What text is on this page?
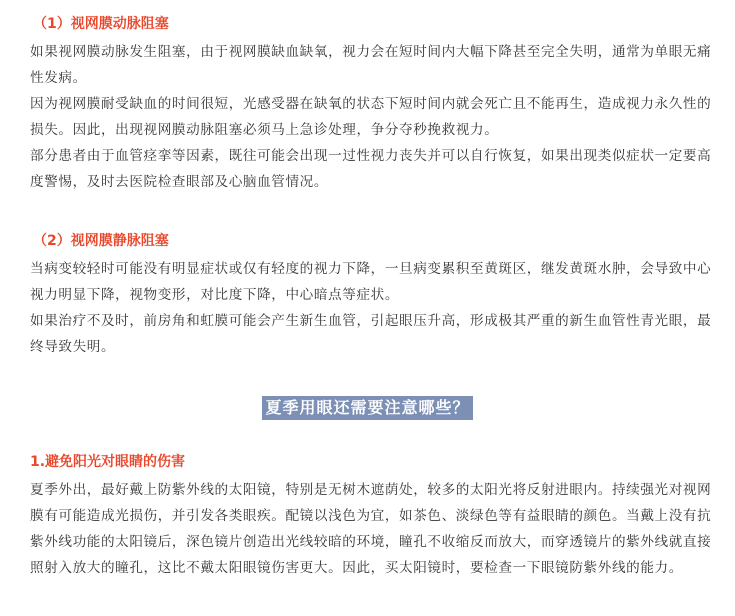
（1）视网膜动脉阻塞
如果视网膜动脉发生阻塞，由于视网膜缺血缺氧，视力会在短时间内大幅下降甚至完全失明，通常为单眼无痛性发病。
因为视网膜耐受缺血的时间很短，光感受器在缺氧的状态下短时间内就会死亡且不能再生，造成视力永久性的损失。因此，出现视网膜动脉阻塞必须马上急诊处理，争分夺秒挽救视力。
部分患者由于血管痉挛等因素，既往可能会出现一过性视力丧失并可以自行恢复，如果出现类似症状一定要高度警惕，及时去医院检查眼部及心脑血管情况。
（2）视网膜静脉阻塞
当病变较轻时可能没有明显症状或仅有轻度的视力下降，一旦病变累积至黄斑区，继发黄斑水肿，会导致中心视力明显下降，视物变形，对比度下降，中心暗点等症状。
如果治疗不及时，前房角和虹膜可能会产生新生血管，引起眼压升高，形成极其严重的新生血管性青光眼，最终导致失明。
夏季用眼还需要注意哪些？
1.避免阳光对眼睛的伤害
夏季外出，最好戴上防紫外线的太阳镜，特别是无树木遮荫处，较多的太阳光将反射进眼内。持续强光对视网膜有可能造成光损伤，并引发各类眼疾。配镜以浅色为宜，如茶色、淡绿色等有益眼睛的颜色。当戴上没有抗紫外线功能的太阳镜后，深色镜片创造出光线较暗的环境，瞳孔不收缩反而放大，而穿透镜片的紫外线就直接照射入放大的瞳孔，这比不戴太阳眼镜伤害更大。因此，买太阳镜时，要检查一下眼镜防紫外线的能力。
